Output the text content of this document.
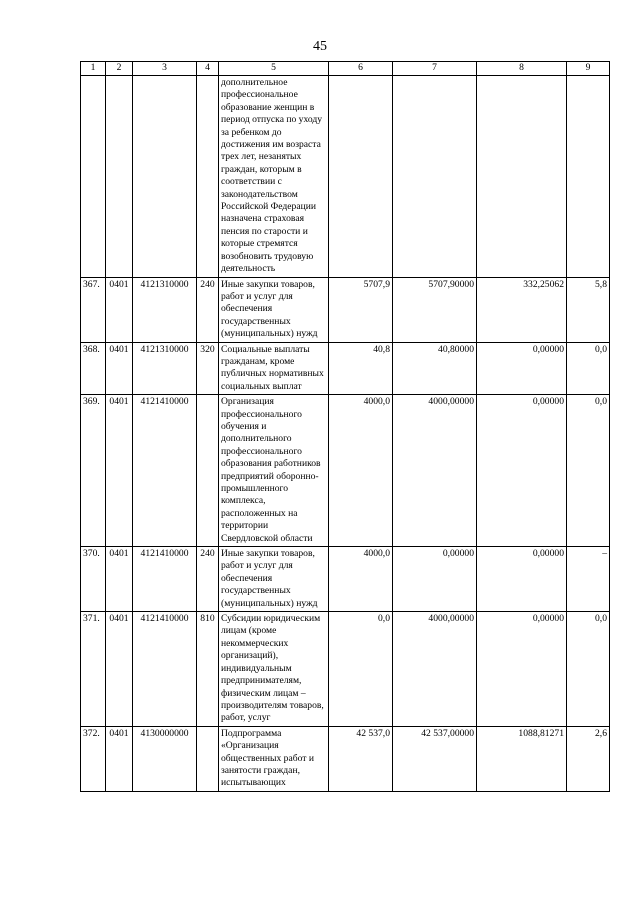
45
1	2	3	4	5	6	7	8	9
				дополнительное профессиональное образование женщин в период отпуска по уходу за ребенком до достижения им возраста трех лет, незанятых граждан, которым в соответствии с законодательством Российской Федерации назначена страховая пенсия по старости и которые стремятся возобновить трудовую деятельность				
367.	0401	4121310000	240	Иные закупки товаров, работ и услуг для обеспечения государственных (муниципальных) нужд	5707,9	5707,90000	332,25062	5,8
368.	0401	4121310000	320	Социальные выплаты гражданам, кроме публичных нормативных социальных выплат	40,8	40,80000	0,00000	0,0
369.	0401	4121410000		Организация профессионального обучения и дополнительного профессионального образования работников предприятий оборонно-промышленного комплекса, расположенных на территории Свердловской области	4000,0	4000,00000	0,00000	0,0
370.	0401	4121410000	240	Иные закупки товаров, работ и услуг для обеспечения государственных (муниципальных) нужд	4000,0	0,00000	0,00000	–
371.	0401	4121410000	810	Субсидии юридическим лицам (кроме некоммерческих организаций), индивидуальным предпринимателям, физическим лицам – производителям товаров, работ, услуг	0,0	4000,00000	0,00000	0,0
372.	0401	4130000000		Подпрограмма «Организация общественных работ и занятости граждан, испытывающих	42 537,0	42 537,00000	1088,81271	2,6
